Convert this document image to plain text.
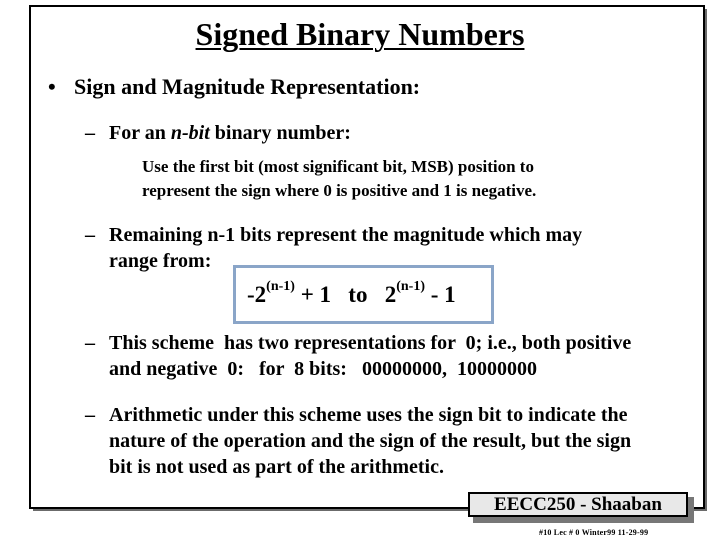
Signed Binary Numbers
• Sign and Magnitude Representation:
– For an n-bit binary number:
Use the first bit (most significant bit, MSB) position to
represent the sign where 0 is positive and 1 is negative.
– Remaining n-1 bits represent the magnitude which may
range from:
$-2^{(n-1)} + 1$   to   2$^{(n-1)}$ - 1
– This scheme  has two representations for  0; i.e., both positive
and negative  0:   for  8 bits:   00000000,  10000000
– Arithmetic under this scheme uses the sign bit to indicate the
nature of the operation and the sign of the result, but the sign
bit is not used as part of the arithmetic.
EECC250 - Shaaban
#10 Lec # 0 Winter99 11-29-99
